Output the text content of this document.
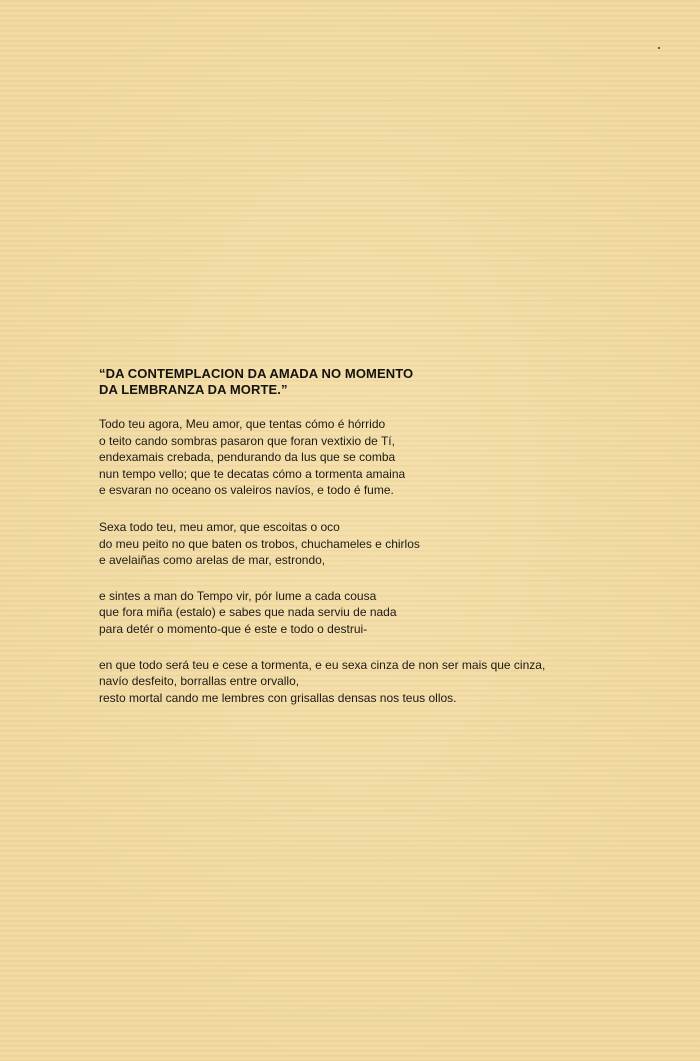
“DA CONTEMPLACION DA AMADA NO MOMENTO
DA LEMBRANZA DA MORTE.”

Todo teu agora, Meu amor, que tentas cómo é hórrido
o teito cando sombras pasaron que foran vextixio de Tí,
endexamais crebada, pendurando da lus que se comba
nun tempo vello; que te decatas cómo a tormenta amaina
e esvaran no oceano os valeiros navíos, e todo é fume.

Sexa todo teu, meu amor, que escoitas o oco
do meu peito no que baten os trobos, chuchameles e chirlos
e avelaiñas como arelas de mar, estrondo,

e sintes a man do Tempo vir, pór lume a cada cousa
que fora miña (estalo) e sabes que nada serviu de nada
para detér o momento-que é este e todo o destrui-

en que todo será teu e cese a tormenta, e eu sexa cinza de non ser mais que cinza,
navío desfeito, borrallas entre orvallo,
resto mortal cando me lembres con grisallas densas nos teus ollos.
